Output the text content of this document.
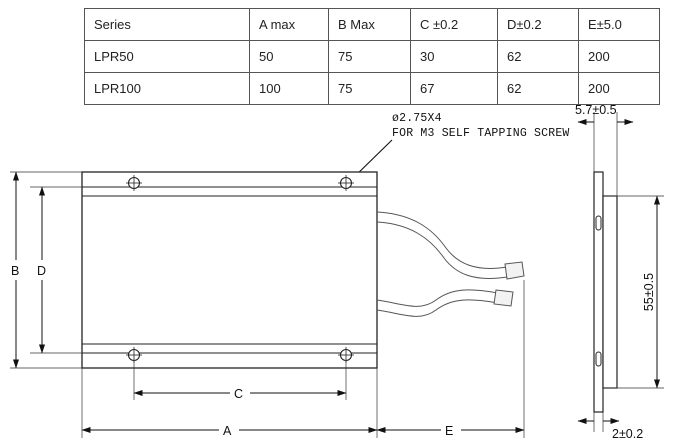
Series	A max	B Max	C ±0.2	D±0.2	E±5.0
LPR50	50	75	30	62	200
LPR100	100	75	67	62	200
ø2.75X4
FOR M3 SELF TAPPING SCREW
B D
C
A	E
5.7±0.5
55±0.5
2±0.2
